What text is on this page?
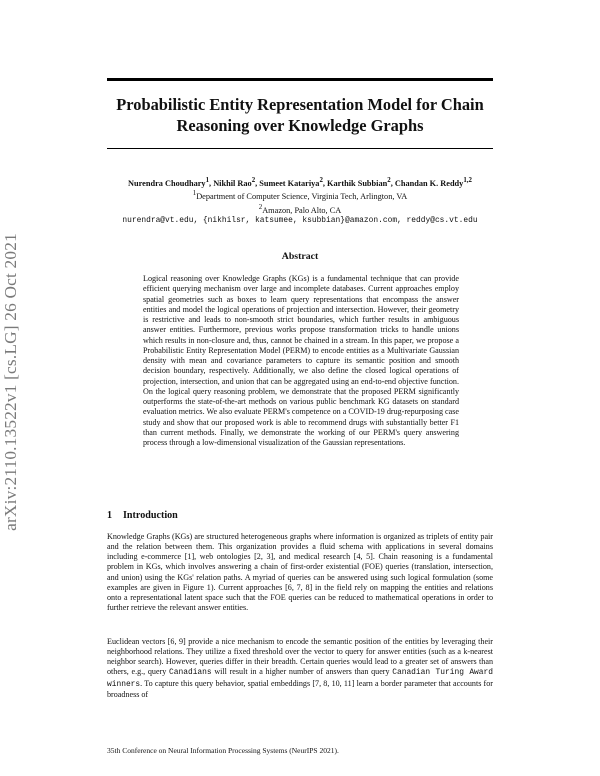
arXiv:2110.13522v1 [cs.LG] 26 Oct 2021
Probabilistic Entity Representation Model for Chain
Reasoning over Knowledge Graphs
Nurendra Choudhary$^1$, Nikhil Rao$^2$, Sumeet Katariya$^2$, Karthik Subbian$^2$, Chandan K. Reddy$^{1,2}$
$^1$Department of Computer Science, Virginia Tech, Arlington, VA
$^2$Amazon, Palo Alto, CA
nurendra@vt.edu, {nikhilsr, katsumee, ksubbian}@amazon.com, reddy@cs.vt.edu
Abstract
Logical reasoning over Knowledge Graphs (KGs) is a fundamental technique that can provide efficient querying mechanism over large and incomplete databases. Current approaches employ spatial geometries such as boxes to learn query representations that encompass the answer entities and model the logical operations of projection and intersection. However, their geometry is restrictive and leads to non-smooth strict boundaries, which further results in ambiguous answer entities. Furthermore, previous works propose transformation tricks to handle unions which results in non-closure and, thus, cannot be chained in a stream. In this paper, we propose a Probabilistic Entity Representation Model (PERM) to encode entities as a Multivariate Gaussian density with mean and covariance parameters to capture its semantic position and smooth decision boundary, respectively. Additionally, we also define the closed logical operations of projection, intersection, and union that can be aggregated using an end-to-end objective function. On the logical query reasoning problem, we demonstrate that the proposed PERM significantly outperforms the state-of-the-art methods on various public benchmark KG datasets on standard evaluation metrics. We also evaluate PERM's competence on a COVID-19 drug-repurposing case study and show that our proposed work is able to recommend drugs with substantially better F1 than current methods. Finally, we demonstrate the working of our PERM's query answering process through a low-dimensional visualization of the Gaussian representations.
1 Introduction
Knowledge Graphs (KGs) are structured heterogeneous graphs where information is organized as triplets of entity pair and the relation between them. This organization provides a fluid schema with applications in several domains including e-commerce [1], web ontologies [2, 3], and medical research [4, 5]. Chain reasoning is a fundamental problem in KGs, which involves answering a chain of first-order existential (FOE) queries (translation, intersection, and union) using the KGs' relation paths. A myriad of queries can be answered using such logical formulation (some examples are given in Figure 1). Current approaches [6, 7, 8] in the field rely on mapping the entities and relations onto a representational latent space such that the FOE queries can be reduced to mathematical operations in order to further retrieve the relevant answer entities.
Euclidean vectors [6, 9] provide a nice mechanism to encode the semantic position of the entities by leveraging their neighborhood relations. They utilize a fixed threshold over the vector to query for answer entities (such as a k-nearest neighbor search). However, queries differ in their breadth. Certain queries would lead to a greater set of answers than others, e.g., query Canadians will result in a higher number of answers than query Canadian Turing Award winners. To capture this query behavior, spatial embeddings [7, 8, 10, 11] learn a border parameter that accounts for broadness of
35th Conference on Neural Information Processing Systems (NeurIPS 2021).
